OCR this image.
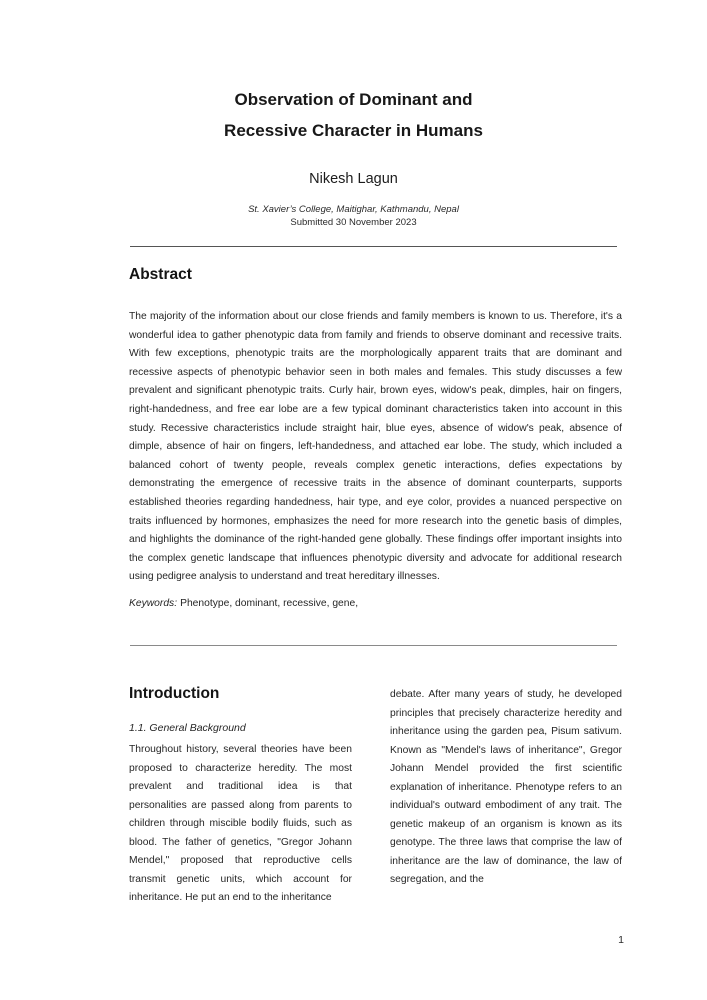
Observation of Dominant and
Recessive Character in Humans
Nikesh Lagun
St. Xavier’s College, Maitighar, Kathmandu, Nepal
Submitted 30 November 2023
Abstract

The majority of the information about our close friends and family members is known to us. Therefore, it's a wonderful idea to gather phenotypic data from family and friends to observe dominant and recessive traits. With few exceptions, phenotypic traits are the morphologically apparent traits that are dominant and recessive aspects of phenotypic behavior seen in both males and females. This study discusses a few prevalent and significant phenotypic traits. Curly hair, brown eyes, widow's peak, dimples, hair on fingers, right-handedness, and free ear lobe are a few typical dominant characteristics taken into account in this study. Recessive characteristics include straight hair, blue eyes, absence of widow's peak, absence of dimple, absence of hair on fingers, left-handedness, and attached ear lobe. The study, which included a balanced cohort of twenty people, reveals complex genetic interactions, defies expectations by demonstrating the emergence of recessive traits in the absence of dominant counterparts, supports established theories regarding handedness, hair type, and eye color, provides a nuanced perspective on traits influenced by hormones, emphasizes the need for more research into the genetic basis of dimples, and highlights the dominance of the right-handed gene globally. These findings offer important insights into the complex genetic landscape that influences phenotypic diversity and advocate for additional research using pedigree analysis to understand and treat hereditary illnesses.

Keywords: Phenotype, dominant, recessive, gene,
Introduction

1.1. General Background

Throughout history, several theories have been proposed to characterize heredity. The most prevalent and traditional idea is that personalities are passed along from parents to children through miscible bodily fluids, such as blood. The father of genetics, "Gregor Johann Mendel," proposed that reproductive cells transmit genetic units, which account for inheritance. He put an end to the inheritance

debate. After many years of study, he developed principles that precisely characterize heredity and inheritance using the garden pea, Pisum sativum. Known as "Mendel's laws of inheritance", Gregor Johann Mendel provided the first scientific explanation of inheritance. Phenotype refers to an individual's outward embodiment of any trait. The genetic makeup of an organism is known as its genotype. The three laws that comprise the law of inheritance are the law of dominance, the law of segregation, and the

1
